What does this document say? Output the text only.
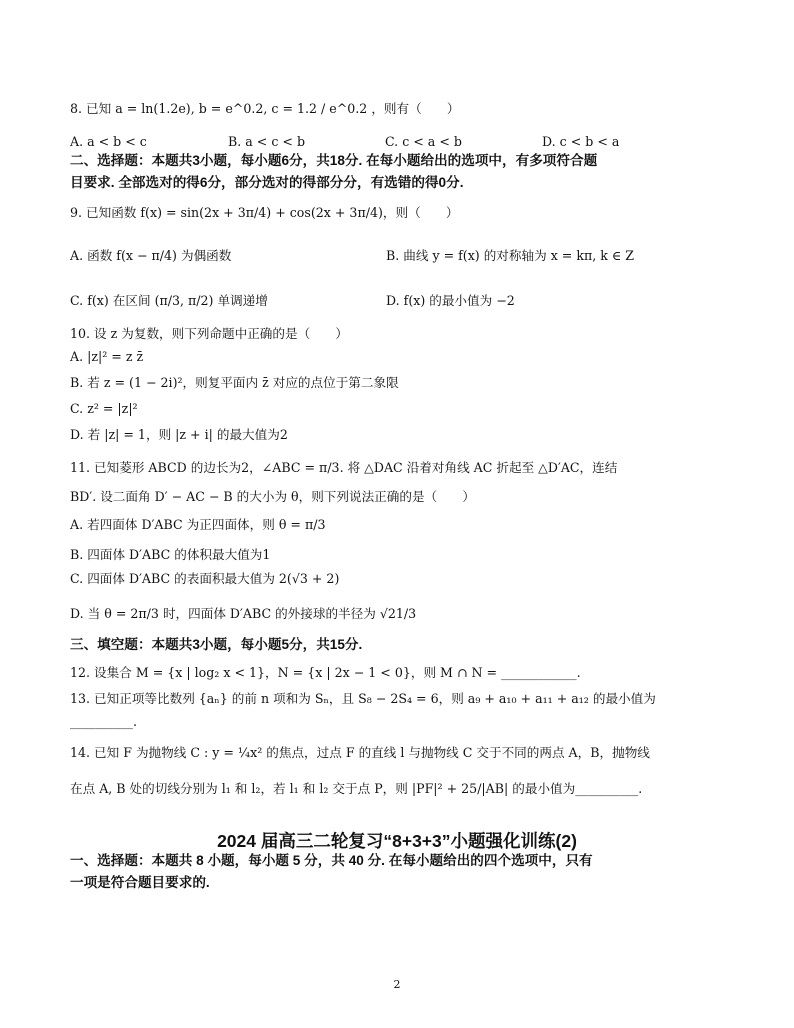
8. 已知 a = ln(1.2e), b = e^0.2, c = 1.2 / e^0.2 ，则有（　　）
A. a < b < c	B. a < c < b	C. c < a < b	D. c < b < a
二、选择题：本题共3小题，每小题6分，共18分. 在每小题给出的选项中，有多项符合题
目要求. 全部选对的得6分，部分选对的得部分分，有选错的得0分.
9. 已知函数 f(x) = sin(2x + 3π/4) + cos(2x + 3π/4)，则（　　）
A. 函数 f(x − π/4) 为偶函数	B. 曲线 y = f(x) 的对称轴为 x = kπ, k ∈ Z
C. f(x) 在区间 (π/3, π/2) 单调递增	D. f(x) 的最小值为 −2
10. 设 z 为复数，则下列命题中正确的是（　　）
A. |z|² = z z̄
B. 若 z = (1 − 2i)²，则复平面内 z̄ 对应的点位于第二象限
C. z² = |z|²
D. 若 |z| = 1，则 |z + i| 的最大值为2
11. 已知菱形 ABCD 的边长为2，∠ABC = π/3. 将 △DAC 沿着对角线 AC 折起至 △D′AC，连结
BD′. 设二面角 D′ − AC − B 的大小为 θ，则下列说法正确的是（　　）
A. 若四面体 D′ABC 为正四面体，则 θ = π/3
B. 四面体 D′ABC 的体积最大值为1
C. 四面体 D′ABC 的表面积最大值为 2(√3 + 2)
D. 当 θ = 2π/3 时，四面体 D′ABC 的外接球的半径为 √21/3
三、填空题：本题共3小题，每小题5分，共15分.
12. 设集合 M = {x | log₂ x < 1}，N = {x | 2x − 1 < 0}，则 M ∩ N = ____________.
13. 已知正项等比数列 {aₙ} 的前 n 项和为 Sₙ，且 S₈ − 2S₄ = 6，则 a₉ + a₁₀ + a₁₁ + a₁₂ 的最小值为
__________.
14. 已知 F 为抛物线 C : y = ¼x² 的焦点，过点 F 的直线 l 与抛物线 C 交于不同的两点 A，B，抛物线
在点 A, B 处的切线分别为 l₁ 和 l₂，若 l₁ 和 l₂ 交于点 P，则 |PF|² + 25/|AB| 的最小值为__________.
2024 届高三二轮复习“8+3+3”小题强化训练(2)
一、选择题：本题共 8 小题，每小题 5 分，共 40 分. 在每小题给出的四个选项中，只有
一项是符合题目要求的.
2
